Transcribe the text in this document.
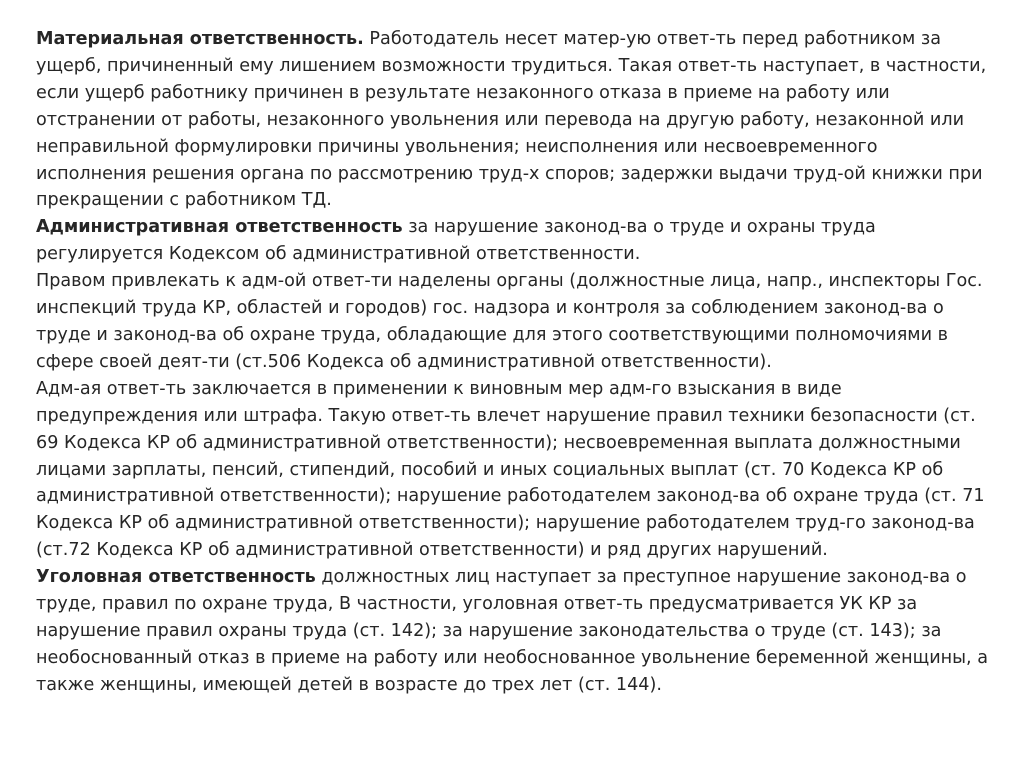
Материальная ответственность. Работодатель несет матер-ую ответ-ть перед работником за ущерб, причиненный ему лишением возможности трудиться. Такая ответ-ть наступает, в частности, если ущерб работнику причинен в результате незаконного отказа в приеме на работу или отстранении от работы, незаконного увольнения или перевода на другую работу, незаконной или неправильной формулировки причины увольнения; неисполнения или несвоевременного исполнения решения органа по рассмотрению труд-х споров; задержки выдачи труд-ой книжки при прекращении с работником ТД.

Административная ответственность за нарушение законод-ва о труде и охраны труда регулируется Кодексом об административной ответственности.

Правом привлекать к адм-ой ответ-ти наделены органы (должностные лица, напр., инспекторы Гос. инспекций труда КР, областей и городов) гос. надзора и контроля за соблюдением законод-ва о труде и законод-ва об охране труда, обладающие для этого соответствующими полномочиями в сфере своей деят-ти (ст.506 Кодекса об административной ответственности).

Адм-ая ответ-ть заключается в применении к виновным мер адм-го взыскания в виде предупреждения или штрафа. Такую ответ-ть влечет нарушение правил техники безопасности (ст. 69 Кодекса КР об административной ответственности); несвоевременная выплата должностными лицами зарплаты, пенсий, стипендий, пособий и иных социальных выплат (ст. 70 Кодекса КР об административной ответственности); нарушение работодателем законод-ва об охране труда (ст. 71 Кодекса КР об административной ответственности); нарушение работодателем труд-го законод-ва (ст.72 Кодекса КР об административной ответственности) и ряд других нарушений.

Уголовная ответственность должностных лиц наступает за преступное нарушение законод-ва о труде, правил по охране труда, В частности, уголовная ответ-ть предусматривается УК КР за нарушение правил охраны труда (ст. 142); за нарушение законодательства о труде (ст. 143); за необоснованный отказ в приеме на работу или необоснованное увольнение беременной женщины, а также женщины, имеющей детей в возрасте до трех лет (ст. 144).
